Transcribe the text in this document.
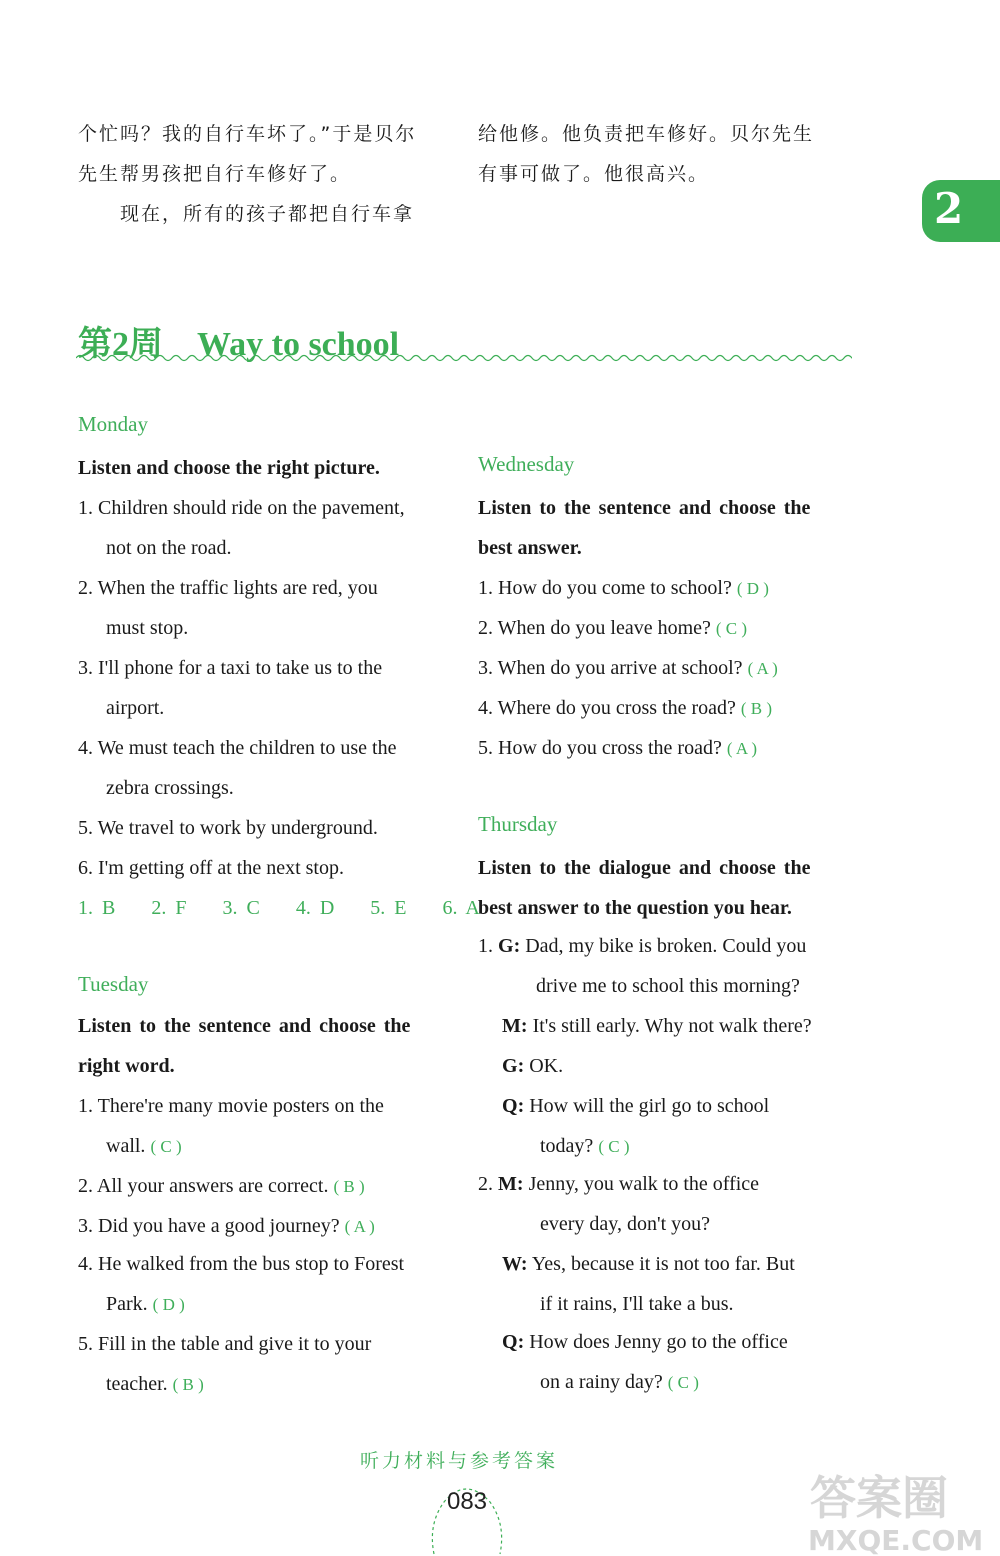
2
个忙吗？我的自行车坏了。”于是贝尔
先生帮男孩把自行车修好了。
现在，所有的孩子都把自行车拿
给他修。他负责把车修好。贝尔先生
有事可做了。他很高兴。
第2周 Way to school
Monday
Listen and choose the right picture.
1. Children should ride on the pavement,
not on the road.
2. When the traffic lights are red, you
must stop.
3. I'll phone for a taxi to take us to the
airport.
4. We must teach the children to use the
zebra crossings.
5. We travel to work by underground.
6. I'm getting off at the next stop.
1. B 2. F 3. C 4. D 5. E 6. A
Tuesday
Listen to the sentence and choose the
right word.
1. There're many movie posters on the
wall. ( C )
2. All your answers are correct. ( B )
3. Did you have a good journey? ( A )
4. He walked from the bus stop to Forest
Park. ( D )
5. Fill in the table and give it to your
teacher. ( B )
Wednesday
Listen to the sentence and choose the
best answer.
1. How do you come to school? ( D )
2. When do you leave home? ( C )
3. When do you arrive at school? ( A )
4. Where do you cross the road? ( B )
5. How do you cross the road? ( A )
Thursday
Listen to the dialogue and choose the
best answer to the question you hear.
1. G: Dad, my bike is broken. Could you
drive me to school this morning?
M: It's still early. Why not walk there?
G: OK.
Q: How will the girl go to school
today? ( C )
2. M: Jenny, you walk to the office
every day, don't you?
W: Yes, because it is not too far. But
if it rains, I'll take a bus.
Q: How does Jenny go to the office
on a rainy day? ( C )
听力材料与参考答案
083	答案圈
MXQE.COM
